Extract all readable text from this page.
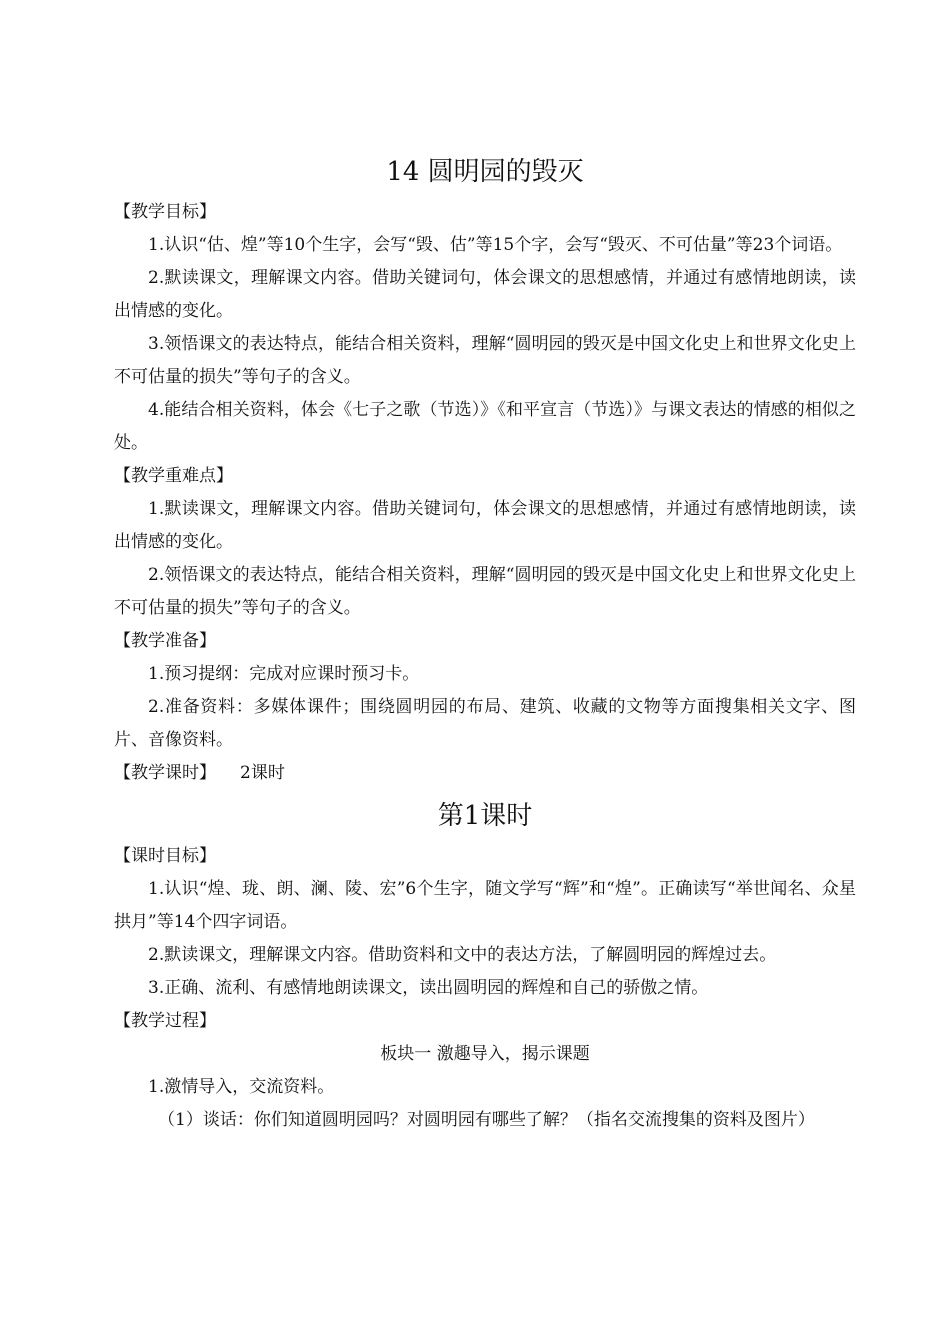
14 圆明园的毁灭

【教学目标】

1.认识“估、煌”等10个生字，会写“毁、估”等15个字，会写“毁灭、不可估量”等23个词语。

2.默读课文，理解课文内容。借助关键词句，体会课文的思想感情，并通过有感情地朗读，读出情感的变化。

3.领悟课文的表达特点，能结合相关资料，理解“圆明园的毁灭是中国文化史上和世界文化史上不可估量的损失”等句子的含义。

4.能结合相关资料，体会《七子之歌（节选）》《和平宣言（节选）》与课文表达的情感的相似之处。

【教学重难点】

1.默读课文，理解课文内容。借助关键词句，体会课文的思想感情，并通过有感情地朗读，读出情感的变化。

2.领悟课文的表达特点，能结合相关资料，理解“圆明园的毁灭是中国文化史上和世界文化史上不可估量的损失”等句子的含义。

【教学准备】

1.预习提纲：完成对应课时预习卡。

2.准备资料：多媒体课件；围绕圆明园的布局、建筑、收藏的文物等方面搜集相关文字、图片、音像资料。

【教学课时】 2课时

第1课时

【课时目标】

1.认识“煌、珑、朗、澜、陵、宏”6个生字，随文学写“辉”和“煌”。正确读写“举世闻名、众星拱月”等14个四字词语。

2.默读课文，理解课文内容。借助资料和文中的表达方法，了解圆明园的辉煌过去。

3.正确、流利、有感情地朗读课文，读出圆明园的辉煌和自己的骄傲之情。

【教学过程】

板块一 激趣导入，揭示课题

1.激情导入，交流资料。

（1）谈话：你们知道圆明园吗？对圆明园有哪些了解？（指名交流搜集的资料及图片）
